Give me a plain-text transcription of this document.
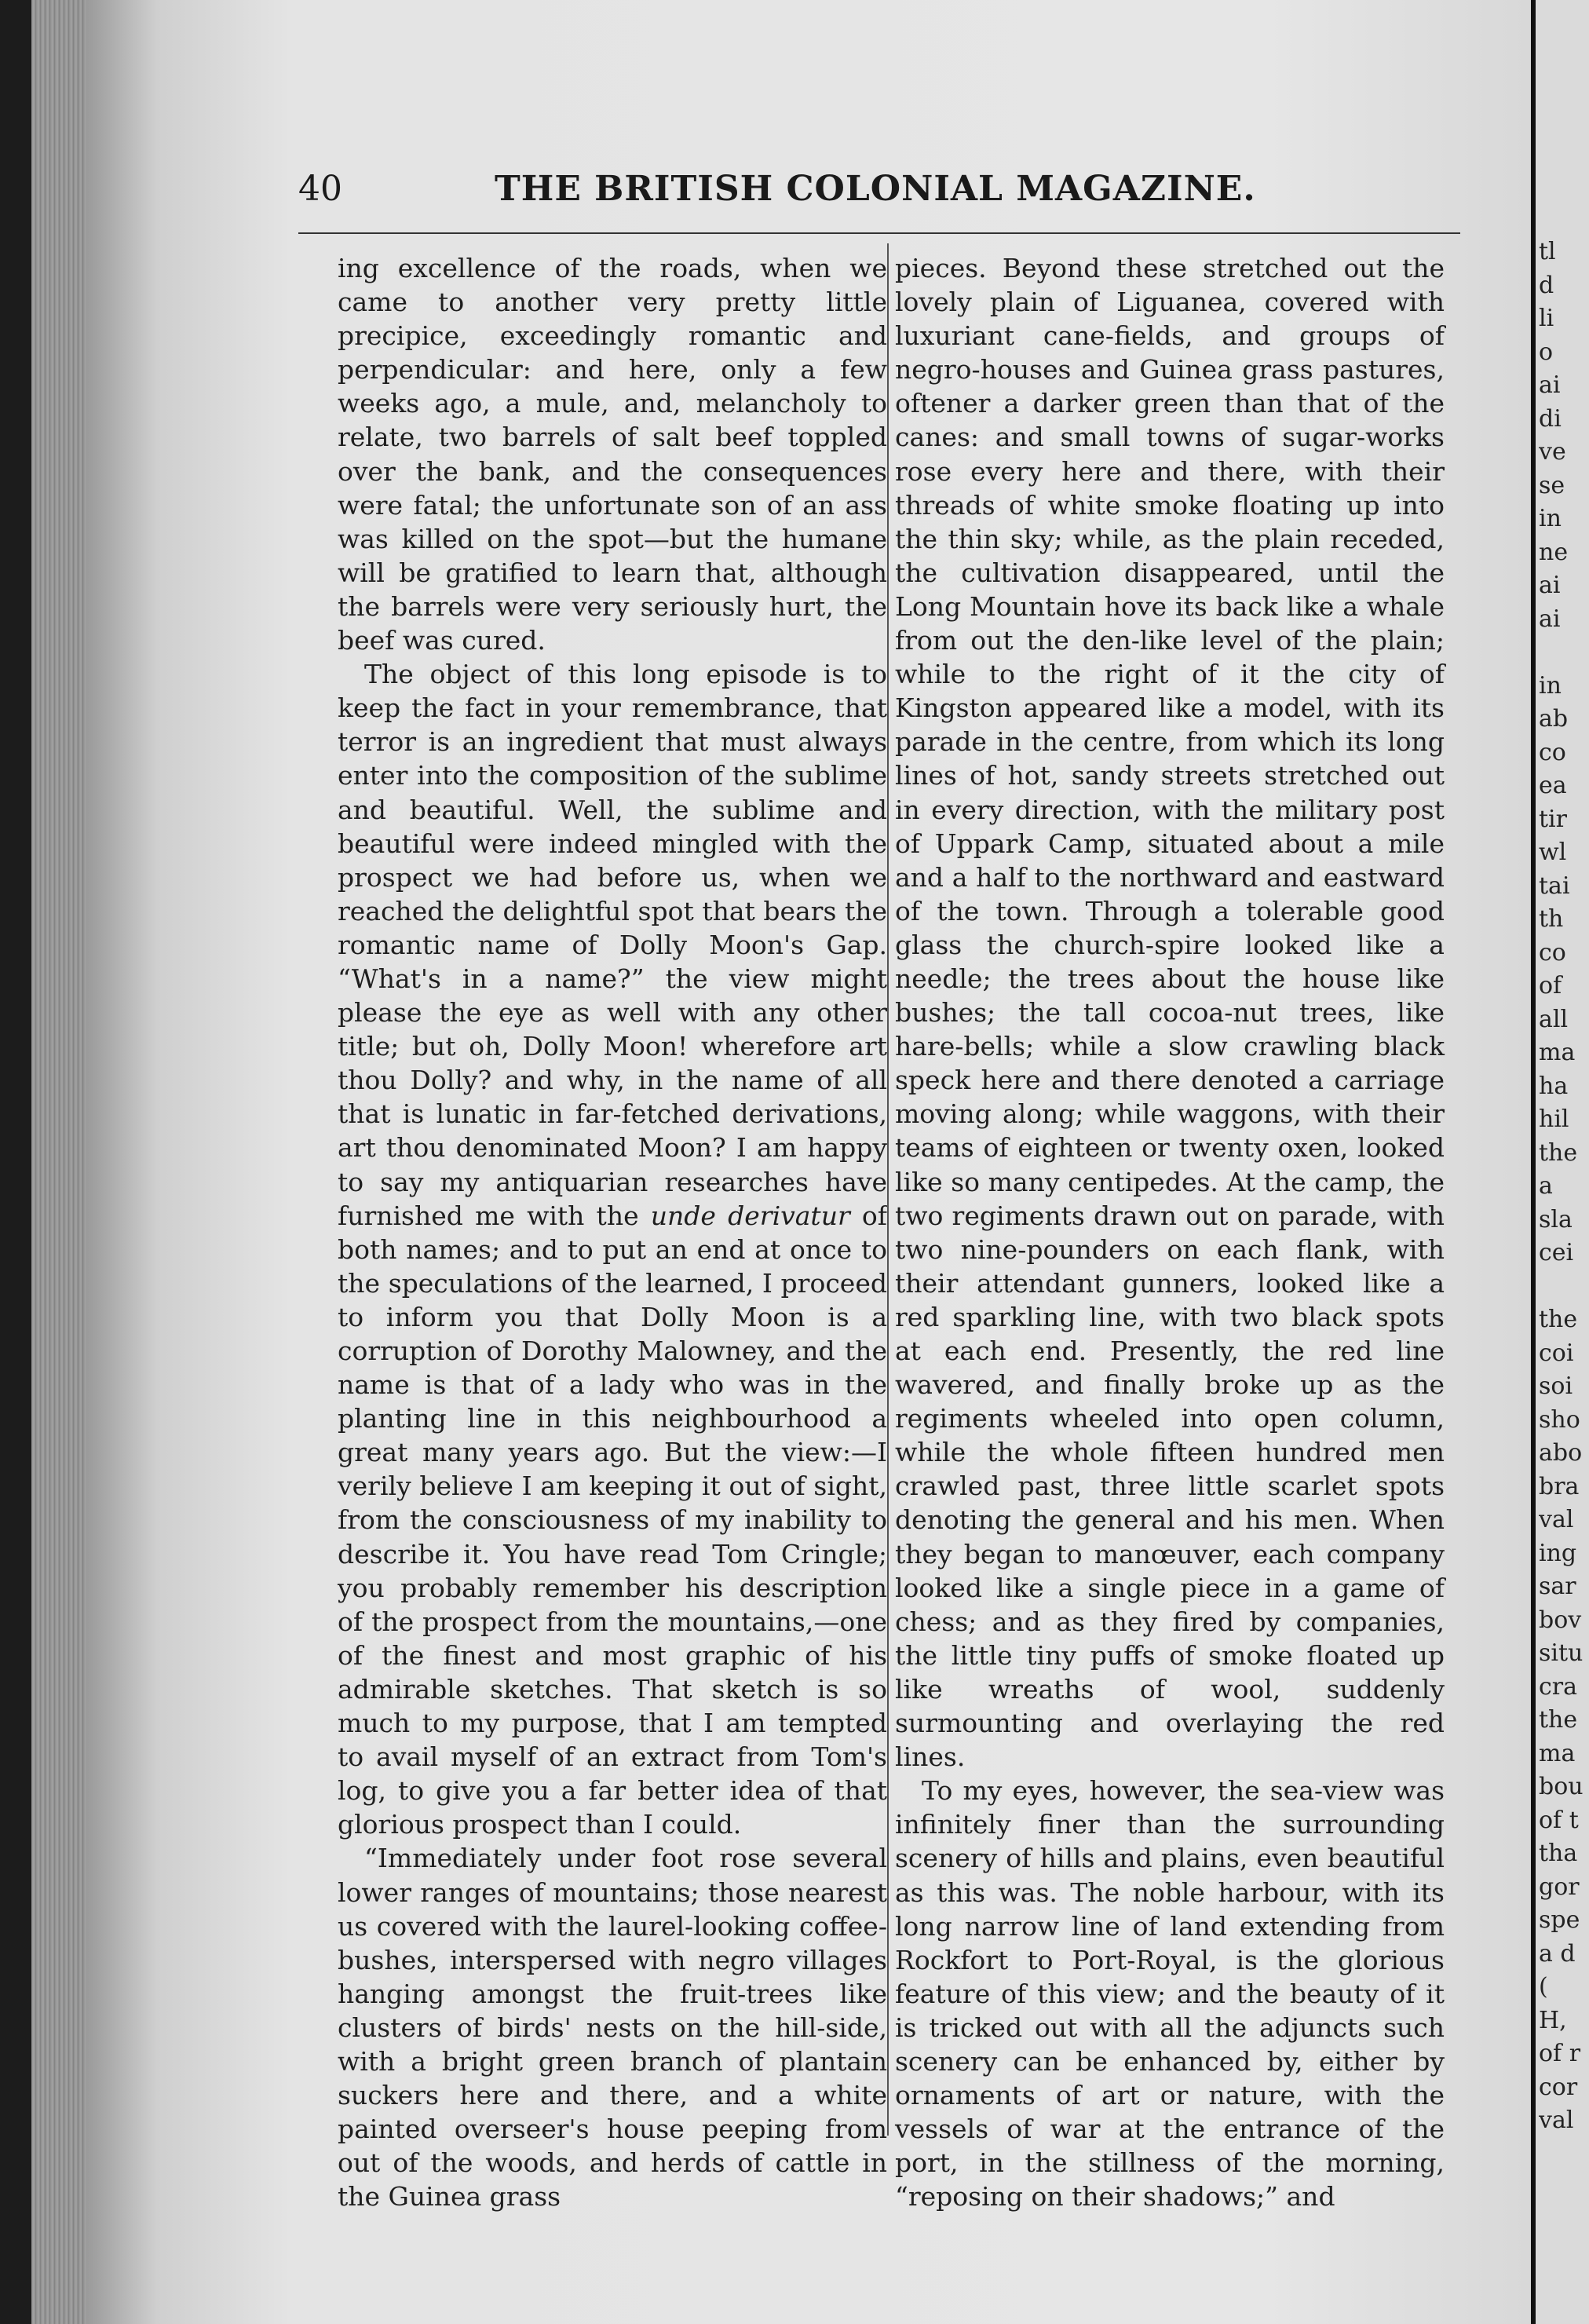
40	THE BRITISH COLONIAL MAGAZINE.

ing excellence of the roads, when we came to another very pretty little precipice, exceedingly romantic and perpendicular: and here, only a few weeks ago, a mule, and, melancholy to relate, two barrels of salt beef toppled over the bank, and the consequences were fatal; the unfortunate son of an ass was killed on the spot—but the humane will be gratified to learn that, although the barrels were very seriously hurt, the beef was cured.

The object of this long episode is to keep the fact in your remembrance, that terror is an ingredient that must always enter into the composition of the sublime and beautiful. Well, the sublime and beautiful were indeed mingled with the prospect we had before us, when we reached the delightful spot that bears the romantic name of Dolly Moon's Gap. “What's in a name?” the view might please the eye as well with any other title; but oh, Dolly Moon! wherefore art thou Dolly? and why, in the name of all that is lunatic in far-fetched derivations, art thou denominated Moon? I am happy to say my antiquarian researches have furnished me with the unde derivatur of both names; and to put an end at once to the speculations of the learned, I proceed to inform you that Dolly Moon is a corruption of Dorothy Malowney, and the name is that of a lady who was in the planting line in this neighbourhood a great many years ago. But the view:—I verily believe I am keeping it out of sight, from the consciousness of my inability to describe it. You have read Tom Cringle; you probably remember his description of the prospect from the mountains,—one of the finest and most graphic of his admirable sketches. That sketch is so much to my purpose, that I am tempted to avail myself of an extract from Tom's log, to give you a far better idea of that glorious prospect than I could.

“Immediately under foot rose several lower ranges of mountains; those nearest us covered with the laurel-looking coffee-bushes, interspersed with negro villages hanging amongst the fruit-trees like clusters of birds' nests on the hill-side, with a bright green branch of plantain suckers here and there, and a white painted overseer's house peeping from out of the woods, and herds of cattle in the Guinea grass

pieces. Beyond these stretched out the lovely plain of Liguanea, covered with luxuriant cane-fields, and groups of negro-houses and Guinea grass pastures, oftener a darker green than that of the canes: and small towns of sugar-works rose every here and there, with their threads of white smoke floating up into the thin sky; while, as the plain receded, the cultivation disappeared, until the Long Mountain hove its back like a whale from out the den-like level of the plain; while to the right of it the city of Kingston appeared like a model, with its parade in the centre, from which its long lines of hot, sandy streets stretched out in every direction, with the military post of Uppark Camp, situated about a mile and a half to the northward and eastward of the town. Through a tolerable good glass the church-spire looked like a needle; the trees about the house like bushes; the tall cocoa-nut trees, like hare-bells; while a slow crawling black speck here and there denoted a carriage moving along; while waggons, with their teams of eighteen or twenty oxen, looked like so many centipedes. At the camp, the two regiments drawn out on parade, with two nine-pounders on each flank, with their attendant gunners, looked like a red sparkling line, with two black spots at each end. Presently, the red line wavered, and finally broke up as the regiments wheeled into open column, while the whole fifteen hundred men crawled past, three little scarlet spots denoting the general and his men. When they began to manœuver, each company looked like a single piece in a game of chess; and as they fired by companies, the little tiny puffs of smoke floated up like wreaths of wool, suddenly surmounting and overlaying the red lines.

To my eyes, however, the sea-view was infinitely finer than the surrounding scenery of hills and plains, even beautiful as this was. The noble harbour, with its long narrow line of land extending from Rockfort to Port-Royal, is the glorious feature of this view; and the beauty of it is tricked out with all the adjuncts such scenery can be enhanced by, either by ornaments of art or nature, with the vessels of war at the entrance of the port, in the stillness of the morning, “reposing on their shadows;” and

tl
d
li
o
ai
di
ve
se
in
ne
ai
ai
in
ab
co
ea
tir
wl
tai
th
co
of
all
ma
ha
hil
the
a
sla
cei
the
coi
soi
sho
abo
bra
val
ing
sar
bov
situ
cra
the
ma
bou
of t
tha
gor
spe
a d
(
H,
of r
cor
val
